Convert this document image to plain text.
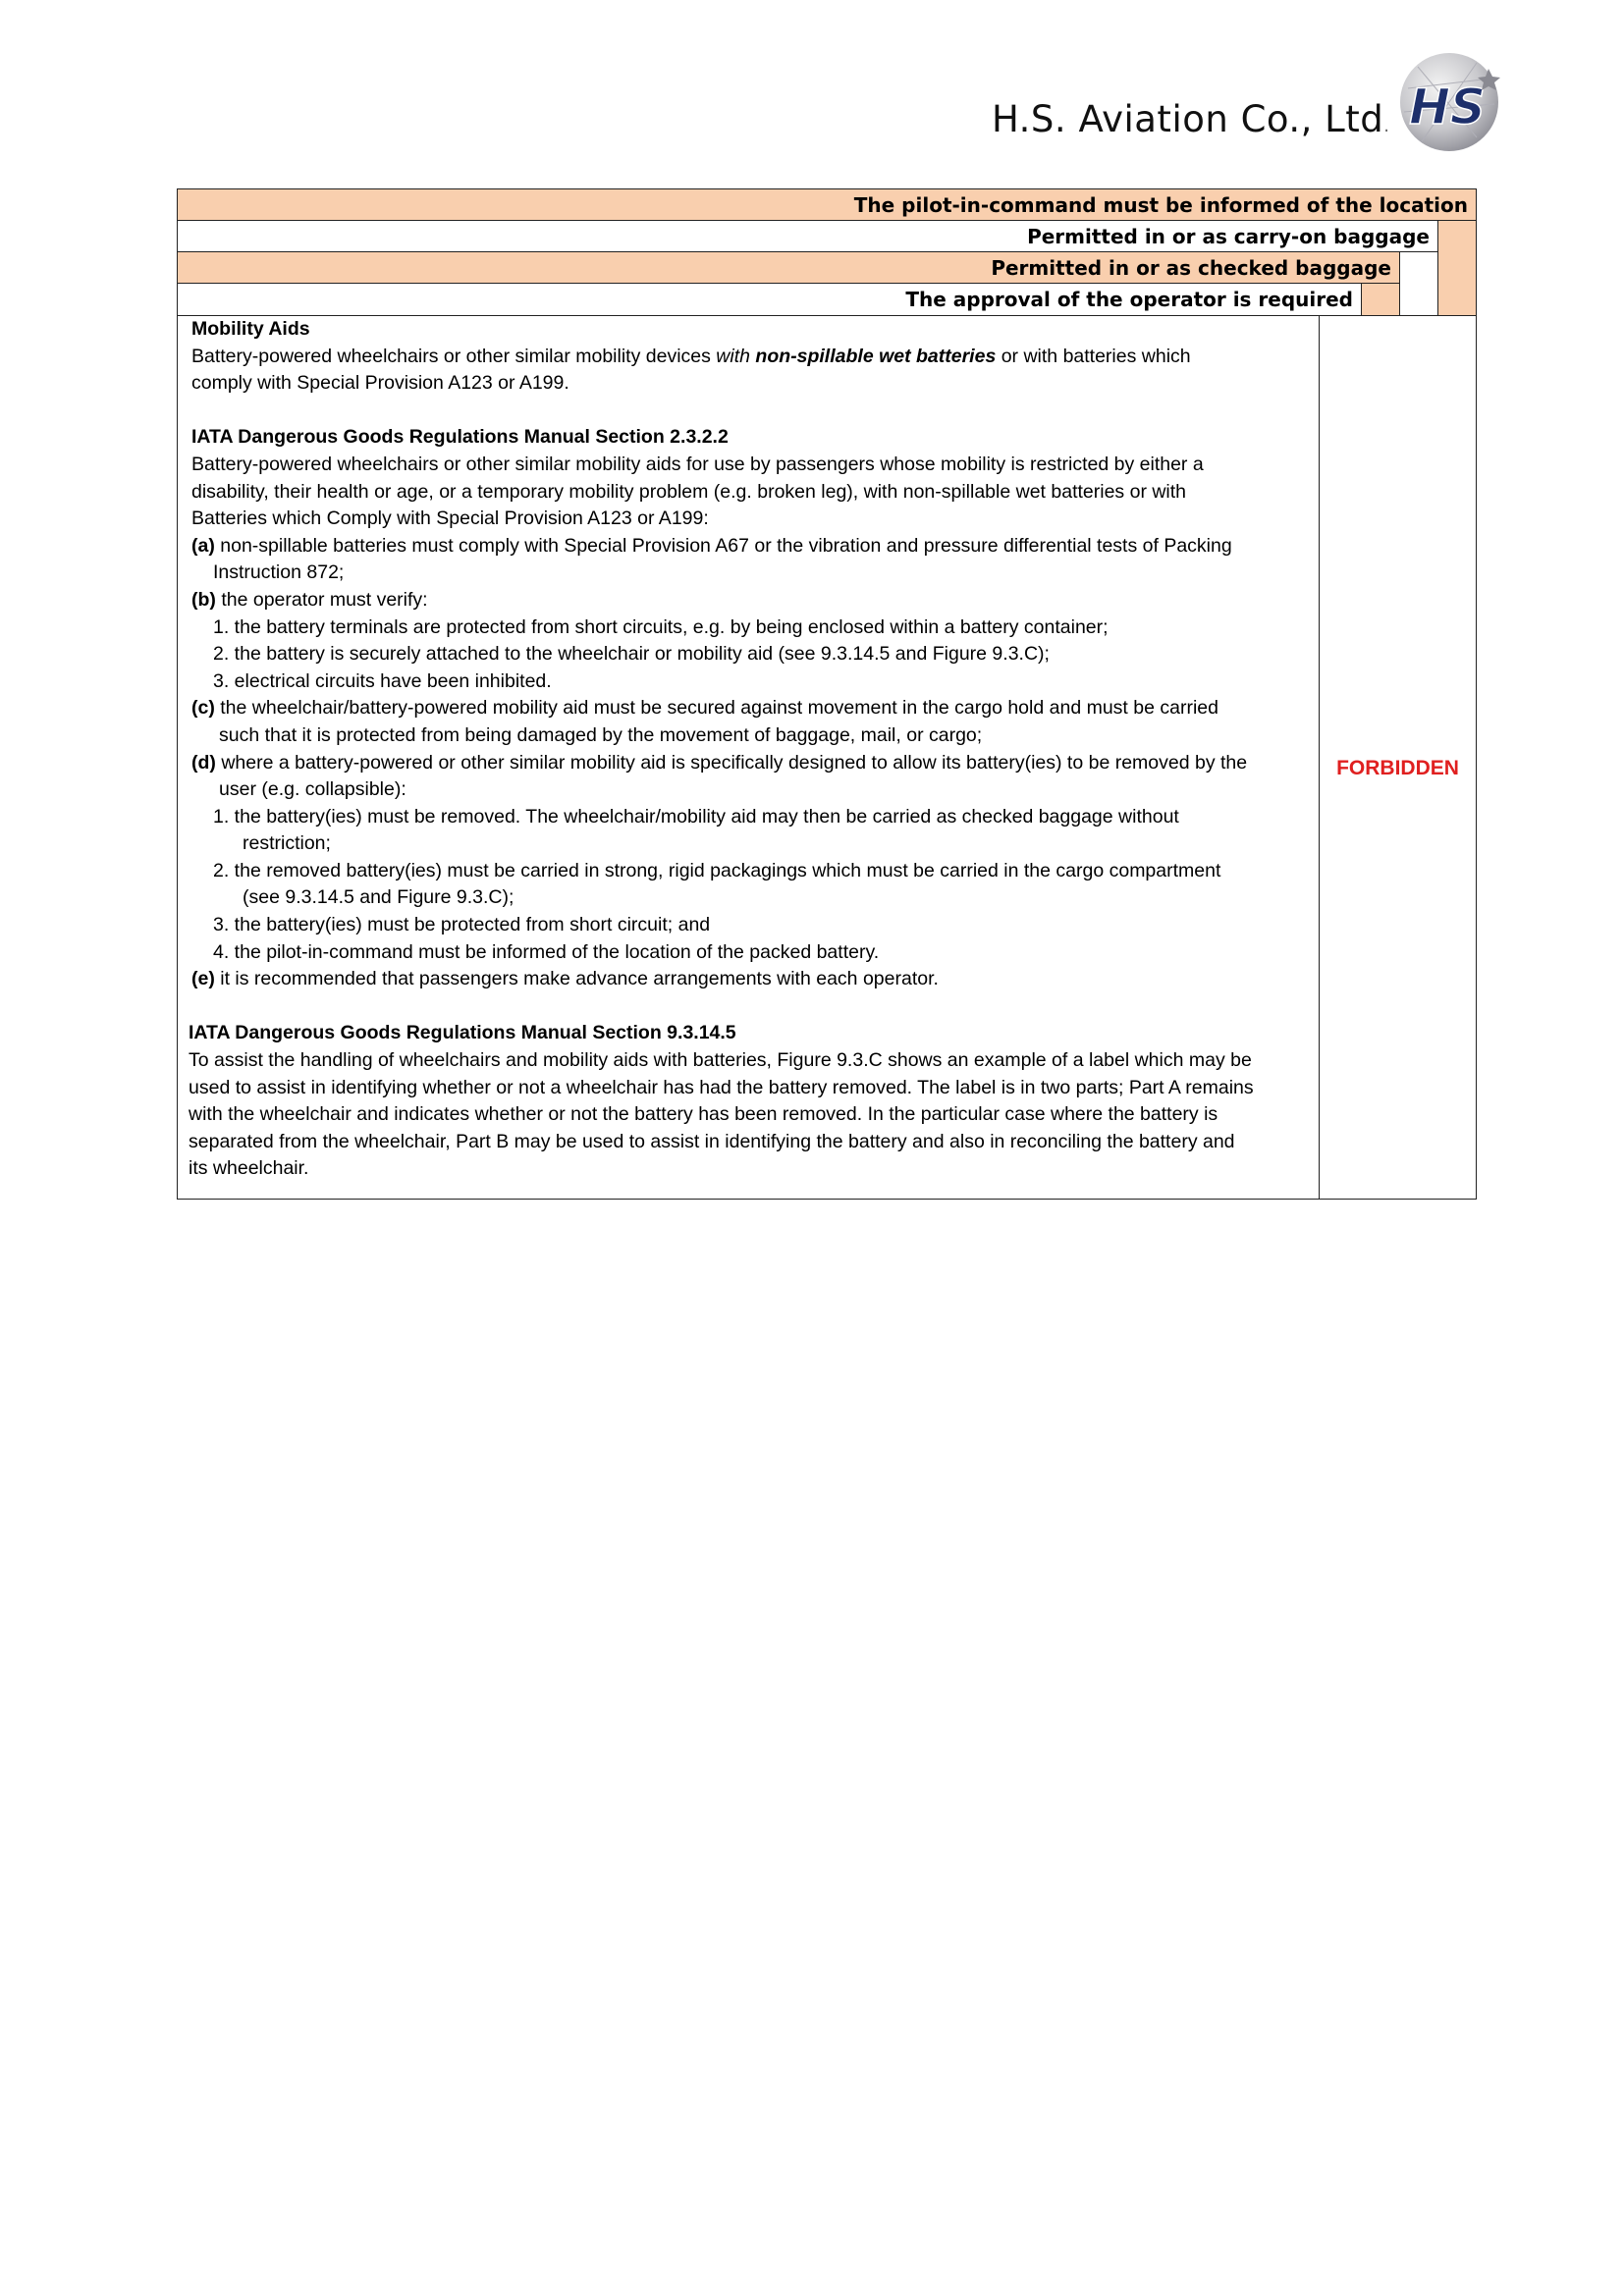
H.S. Aviation Co., Ltd. HS
The pilot-in-command must be informed of the location
Permitted in or as carry-on baggage
Permitted in or as checked baggage
The approval of the operator is required

Mobility Aids

Battery-powered wheelchairs or other similar mobility devices with non-spillable wet batteries or with batteries which

comply with Special Provision A123 or A199.

IATA Dangerous Goods Regulations Manual Section 2.3.2.2

Battery-powered wheelchairs or other similar mobility aids for use by passengers whose mobility is restricted by either a

disability, their health or age, or a temporary mobility problem (e.g. broken leg), with non-spillable wet batteries or with

Batteries which Comply with Special Provision A123 or A199:

(a) non-spillable batteries must comply with Special Provision A67 or the vibration and pressure differential tests of Packing

Instruction 872;

(b) the operator must verify:

1. the battery terminals are protected from short circuits, e.g. by being enclosed within a battery container;

2. the battery is securely attached to the wheelchair or mobility aid (see 9.3.14.5 and Figure 9.3.C);

3. electrical circuits have been inhibited.

(c) the wheelchair/battery-powered mobility aid must be secured against movement in the cargo hold and must be carried

such that it is protected from being damaged by the movement of baggage, mail, or cargo;

(d) where a battery-powered or other similar mobility aid is specifically designed to allow its battery(ies) to be removed by the

user (e.g. collapsible):

1. the battery(ies) must be removed. The wheelchair/mobility aid may then be carried as checked baggage without

restriction;

2. the removed battery(ies) must be carried in strong, rigid packagings which must be carried in the cargo compartment

(see 9.3.14.5 and Figure 9.3.C);

3. the battery(ies) must be protected from short circuit; and

4. the pilot-in-command must be informed of the location of the packed battery.

(e) it is recommended that passengers make advance arrangements with each operator.

IATA Dangerous Goods Regulations Manual Section 9.3.14.5

To assist the handling of wheelchairs and mobility aids with batteries, Figure 9.3.C shows an example of a label which may be

used to assist in identifying whether or not a wheelchair has had the battery removed. The label is in two parts; Part A remains

with the wheelchair and indicates whether or not the battery has been removed. In the particular case where the battery is

separated from the wheelchair, Part B may be used to assist in identifying the battery and also in reconciling the battery and

its wheelchair.

FORBIDDEN
